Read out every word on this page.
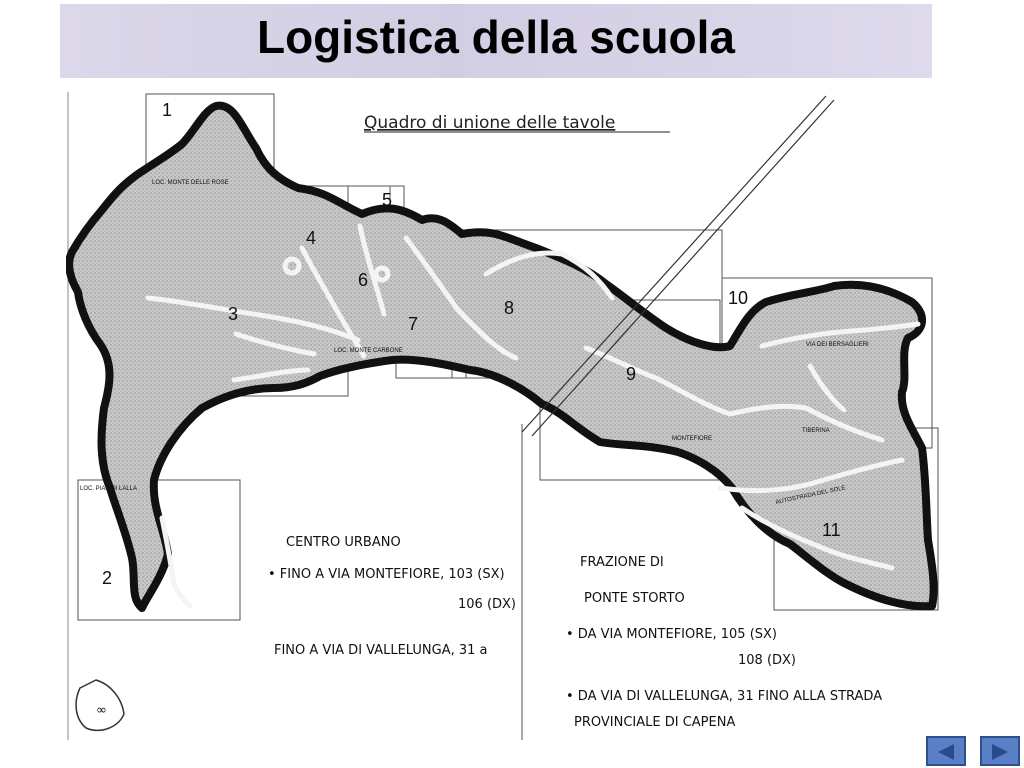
Logistica della scuola
1
2
3
4
5
6
7
8
9
10
11
LOC. MONTE DELLE ROSE
LOC. PIAN DI LALLA
LOC. MONTE CARBONE
VIA DEI BERSAGLIERI
AUTOSTRADA DEL SOLE
TIBERINA
MONTEFIORE
Quadro di unione delle tavole
CENTRO URBANO
• FINO A VIA MONTEFIORE, 103 (SX)
106 (DX)
FINO A VIA DI VALLELUNGA, 31 a
FRAZIONE DI
PONTE STORTO
• DA VIA MONTEFIORE, 105 (SX)
108 (DX)
• DA VIA DI VALLELUNGA, 31 FINO ALLA STRADA
PROVINCIALE DI CAPENA
∞
